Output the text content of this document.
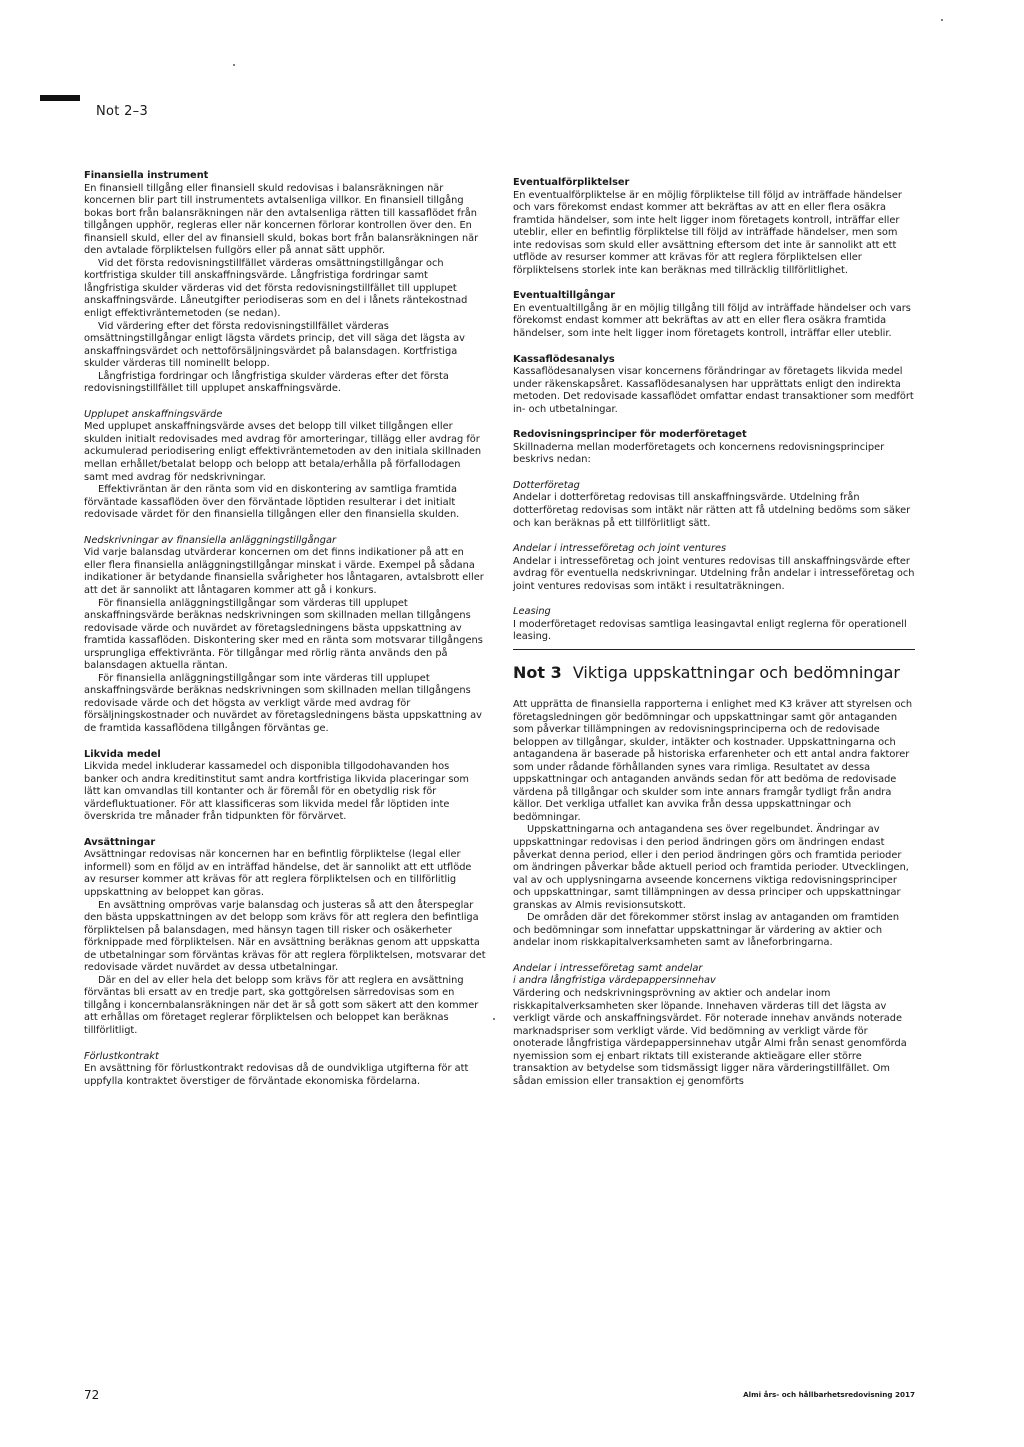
Not 2–3

Finansiella instrument

En finansiell tillgång eller finansiell skuld redovisas i balansräkningen när koncernen blir part till instrumentets avtalsenliga villkor. En finansiell tillgång bokas bort från balansräkningen när den avtalsenliga rätten till kassaflödet från tillgången upphör, regleras eller när koncernen förlorar kontrollen över den. En finansiell skuld, eller del av finansiell skuld, bokas bort från balansräkningen när den avtalade förpliktelsen fullgörs eller på annat sätt upphör.

Vid det första redovisningstillfället värderas omsättningstillgångar och kortfristiga skulder till anskaffningsvärde. Långfristiga fordringar samt långfristiga skulder värderas vid det första redovisningstillfället till upplupet anskaffningsvärde. Låneutgifter periodiseras som en del i lånets räntekostnad enligt effektivräntemetoden (se nedan).

Vid värdering efter det första redovisningstillfället värderas omsättningstillgångar enligt lägsta värdets princip, det vill säga det lägsta av anskaffningsvärdet och nettoförsäljningsvärdet på balansdagen. Kortfristiga skulder värderas till nominellt belopp.

Långfristiga fordringar och långfristiga skulder värderas efter det första redovisningstillfället till upplupet anskaffningsvärde.

Upplupet anskaffningsvärde

Med upplupet anskaffningsvärde avses det belopp till vilket tillgången eller skulden initialt redovisades med avdrag för amorteringar, tillägg eller avdrag för ackumulerad periodisering enligt effektivräntemetoden av den initiala skillnaden mellan erhållet/betalat belopp och belopp att betala/erhålla på förfallodagen samt med avdrag för nedskrivningar.

Effektivräntan är den ränta som vid en diskontering av samtliga framtida förväntade kassaflöden över den förväntade löptiden resulterar i det initialt redovisade värdet för den finansiella tillgången eller den finansiella skulden.

Nedskrivningar av finansiella anläggningstillgångar

Vid varje balansdag utvärderar koncernen om det finns indikationer på att en eller flera finansiella anläggningstillgångar minskat i värde. Exempel på sådana indikationer är betydande finansiella svårigheter hos låntagaren, avtalsbrott eller att det är sannolikt att låntagaren kommer att gå i konkurs.

För finansiella anläggningstillgångar som värderas till upplupet anskaffningsvärde beräknas nedskrivningen som skillnaden mellan tillgångens redovisade värde och nuvärdet av företagsledningens bästa uppskattning av framtida kassaflöden. Diskontering sker med en ränta som motsvarar tillgångens ursprungliga effektivränta. För tillgångar med rörlig ränta används den på balansdagen aktuella räntan.

För finansiella anläggningstillgångar som inte värderas till upplupet anskaffningsvärde beräknas nedskrivningen som skillnaden mellan tillgångens redovisade värde och det högsta av verkligt värde med avdrag för försäljningskostnader och nuvärdet av företagsledningens bästa uppskattning av de framtida kassaflödena tillgången förväntas ge.

Likvida medel

Likvida medel inkluderar kassamedel och disponibla tillgodohavanden hos banker och andra kreditinstitut samt andra kortfristiga likvida placeringar som lätt kan omvandlas till kontanter och är föremål för en obetydlig risk för värdefluktuationer. För att klassificeras som likvida medel får löptiden inte överskrida tre månader från tidpunkten för förvärvet.

Avsättningar

Avsättningar redovisas när koncernen har en befintlig förpliktelse (legal eller informell) som en följd av en inträffad händelse, det är sannolikt att ett utflöde av resurser kommer att krävas för att reglera förpliktelsen och en tillförlitlig uppskattning av beloppet kan göras.

En avsättning omprövas varje balansdag och justeras så att den återspeglar den bästa uppskattningen av det belopp som krävs för att reglera den befintliga förpliktelsen på balansdagen, med hänsyn tagen till risker och osäkerheter förknippade med förpliktelsen. När en avsättning beräknas genom att uppskatta de utbetalningar som förväntas krävas för att reglera förpliktelsen, motsvarar det redovisade värdet nuvärdet av dessa utbetalningar.

Där en del av eller hela det belopp som krävs för att reglera en avsättning förväntas bli ersatt av en tredje part, ska gottgörelsen särredovisas som en tillgång i koncernbalansräkningen när det är så gott som säkert att den kommer att erhållas om företaget reglerar förpliktelsen och beloppet kan beräknas tillförlitligt.

Förlustkontrakt

En avsättning för förlustkontrakt redovisas då de oundvikliga utgifterna för att uppfylla kontraktet överstiger de förväntade ekonomiska fördelarna.

Eventualförpliktelser

En eventualförpliktelse är en möjlig förpliktelse till följd av inträffade händelser och vars förekomst endast kommer att bekräftas av att en eller flera osäkra framtida händelser, som inte helt ligger inom företagets kontroll, inträffar eller uteblir, eller en befintlig förpliktelse till följd av inträffade händelser, men som inte redovisas som skuld eller avsättning eftersom det inte är sannolikt att ett utflöde av resurser kommer att krävas för att reglera förpliktelsen eller förpliktelsens storlek inte kan beräknas med tillräcklig tillförlitlighet.

Eventualtillgångar

En eventualtillgång är en möjlig tillgång till följd av inträffade händelser och vars förekomst endast kommer att bekräftas av att en eller flera osäkra framtida händelser, som inte helt ligger inom företagets kontroll, inträffar eller uteblir.

Kassaflödesanalys

Kassaflödesanalysen visar koncernens förändringar av företagets likvida medel under räkenskapsåret. Kassaflödesanalysen har upprättats enligt den indirekta metoden. Det redovisade kassaflödet omfattar endast transaktioner som medfört in- och utbetalningar.

Redovisningsprinciper för moderföretaget

Skillnaderna mellan moderföretagets och koncernens redovisningsprinciper beskrivs nedan:

Dotterföretag

Andelar i dotterföretag redovisas till anskaffningsvärde. Utdelning från dotterföretag redovisas som intäkt när rätten att få utdelning bedöms som säker och kan beräknas på ett tillförlitligt sätt.

Andelar i intresseföretag och joint ventures

Andelar i intresseföretag och joint ventures redovisas till anskaffningsvärde efter avdrag för eventuella nedskrivningar. Utdelning från andelar i intresseföretag och joint ventures redovisas som intäkt i resultaträkningen.

Leasing

I moderföretaget redovisas samtliga leasingavtal enligt reglerna för operationell leasing.

Not 3 Viktiga uppskattningar och bedömningar

Att upprätta de finansiella rapporterna i enlighet med K3 kräver att styrelsen och företagsledningen gör bedömningar och uppskattningar samt gör antaganden som påverkar tillämpningen av redovisningsprinciperna och de redovisade beloppen av tillgångar, skulder, intäkter och kostnader. Uppskattningarna och antagandena är baserade på historiska erfarenheter och ett antal andra faktorer som under rådande förhållanden synes vara rimliga. Resultatet av dessa uppskattningar och antaganden används sedan för att bedöma de redovisade värdena på tillgångar och skulder som inte annars framgår tydligt från andra källor. Det verkliga utfallet kan avvika från dessa uppskattningar och bedömningar.

Uppskattningarna och antagandena ses över regelbundet. Ändringar av uppskattningar redovisas i den period ändringen görs om ändringen endast påverkat denna period, eller i den period ändringen görs och framtida perioder om ändringen påverkar både aktuell period och framtida perioder. Utvecklingen, val av och upplysningarna avseende koncernens viktiga redovisningsprinciper och uppskattningar, samt tillämpningen av dessa principer och uppskattningar granskas av Almis revisionsutskott.

De områden där det förekommer störst inslag av antaganden om framtiden och bedömningar som innefattar uppskattningar är värdering av aktier och andelar inom riskkapitalverksamheten samt av låneforbringarna.

Andelar i intresseföretag samt andelar

i andra långfristiga värdepappersinnehav

Värdering och nedskrivningsprövning av aktier och andelar inom riskkapitalverksamheten sker löpande. Innehaven värderas till det lägsta av verkligt värde och anskaffningsvärdet. För noterade innehav används noterade marknadspriser som verkligt värde. Vid bedömning av verkligt värde för onoterade långfristiga värdepappersinnehav utgår Almi från senast genomförda nyemission som ej enbart riktats till existerande aktieägare eller större transaktion av betydelse som tidsmässigt ligger nära värderingstillfället. Om sådan emission eller transaktion ej genomförts

72	Almi års- och hållbarhetsredovisning 2017
